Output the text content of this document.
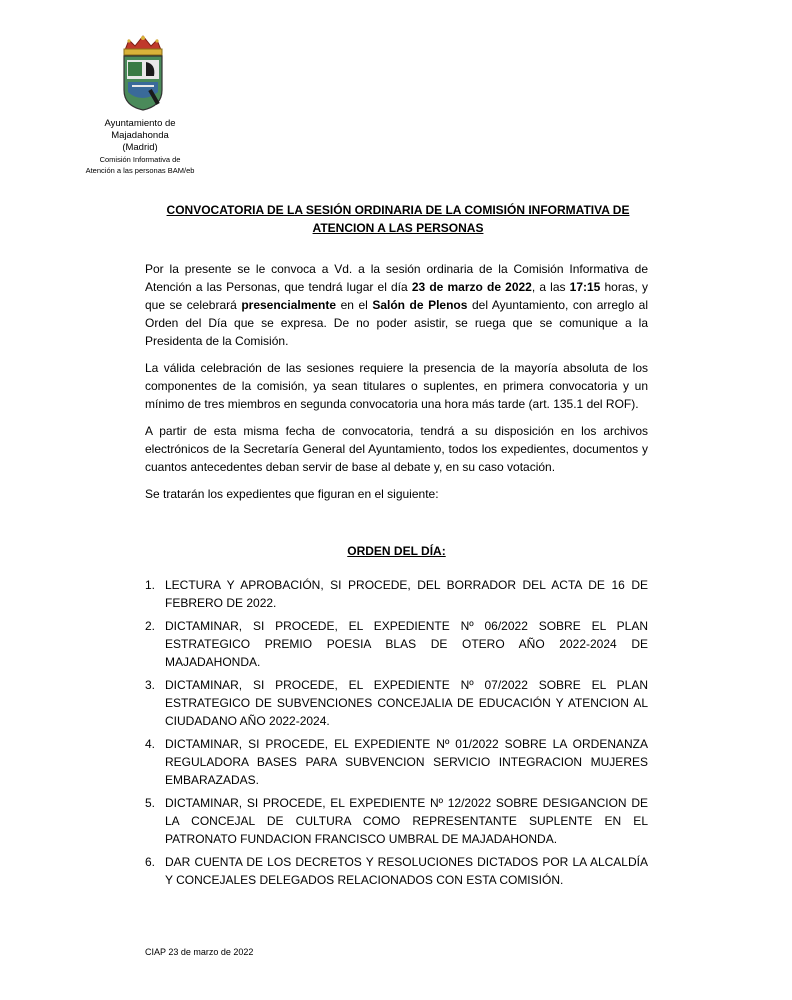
Ayuntamiento de
Majadahonda
(Madrid)
Comisión Informativa de
Atención a las personas BAM/eb
CONVOCATORIA DE LA SESIÓN ORDINARIA DE LA COMISIÓN INFORMATIVA DE
ATENCION A LAS PERSONAS

Por la presente se le convoca a Vd. a la sesión ordinaria de la Comisión Informativa de Atención a las Personas, que tendrá lugar el día 23 de marzo de 2022, a las 17:15 horas, y que se celebrará presencialmente en el Salón de Plenos del Ayuntamiento, con arreglo al Orden del Día que se expresa. De no poder asistir, se ruega que se comunique a la Presidenta de la Comisión.

La válida celebración de las sesiones requiere la presencia de la mayoría absoluta de los componentes de la comisión, ya sean titulares o suplentes, en primera convocatoria y un mínimo de tres miembros en segunda convocatoria una hora más tarde (art. 135.1 del ROF).

A partir de esta misma fecha de convocatoria, tendrá a su disposición en los archivos electrónicos de la Secretaría General del Ayuntamiento, todos los expedientes, documentos y cuantos antecedentes deban servir de base al debate y, en su caso votación.

Se tratarán los expedientes que figuran en el siguiente:

ORDEN DEL DÍA:
1. LECTURA Y APROBACIÓN, SI PROCEDE, DEL BORRADOR DEL ACTA DE 16 DE FEBRERO DE 2022.
2. DICTAMINAR, SI PROCEDE, EL EXPEDIENTE Nº 06/2022 SOBRE EL PLAN ESTRATEGICO PREMIO POESIA BLAS DE OTERO AÑO 2022-2024 DE MAJADAHONDA.
3. DICTAMINAR, SI PROCEDE, EL EXPEDIENTE Nº 07/2022 SOBRE EL PLAN ESTRATEGICO DE SUBVENCIONES CONCEJALIA DE EDUCACIÓN Y ATENCION AL CIUDADANO AÑO 2022-2024.
4. DICTAMINAR, SI PROCEDE, EL EXPEDIENTE Nº 01/2022 SOBRE LA ORDENANZA REGULADORA BASES PARA SUBVENCION SERVICIO INTEGRACION MUJERES EMBARAZADAS.
5. DICTAMINAR, SI PROCEDE, EL EXPEDIENTE Nº 12/2022 SOBRE DESIGANCION DE LA CONCEJAL DE CULTURA COMO REPRESENTANTE SUPLENTE EN EL PATRONATO FUNDACION FRANCISCO UMBRAL DE MAJADAHONDA.
6. DAR CUENTA DE LOS DECRETOS Y RESOLUCIONES DICTADOS POR LA ALCALDÍA Y CONCEJALES DELEGADOS RELACIONADOS CON ESTA COMISIÓN.
CIAP 23 de marzo de 2022
